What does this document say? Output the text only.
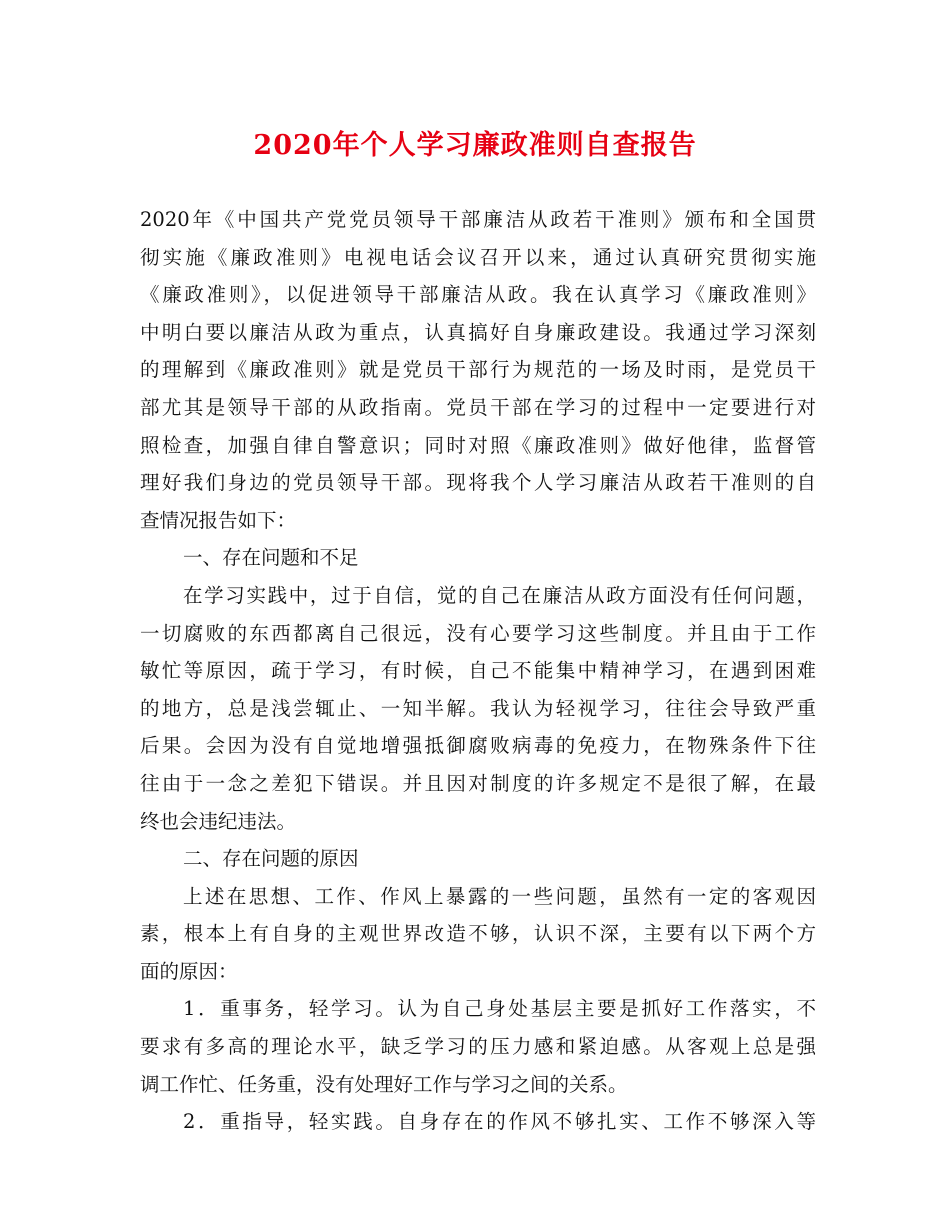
2020年个人学习廉政准则自查报告
2020年《中国共产党党员领导干部廉洁从政若干准则》颁布和全国贯
彻实施《廉政准则》电视电话会议召开以来，通过认真研究贯彻实施
《廉政准则》，以促进领导干部廉洁从政。我在认真学习《廉政准则》
中明白要以廉洁从政为重点，认真搞好自身廉政建设。我通过学习深刻
的理解到《廉政准则》就是党员干部行为规范的一场及时雨，是党员干
部尤其是领导干部的从政指南。党员干部在学习的过程中一定要进行对
照检查，加强自律自警意识；同时对照《廉政准则》做好他律，监督管
理好我们身边的党员领导干部。现将我个人学习廉洁从政若干准则的自
查情况报告如下：
一、存在问题和不足
在学习实践中，过于自信，觉的自己在廉洁从政方面没有任何问题，
一切腐败的东西都离自己很远，没有心要学习这些制度。并且由于工作
敏忙等原因，疏于学习，有时候，自己不能集中精神学习，在遇到困难
的地方，总是浅尝辄止、一知半解。我认为轻视学习，往往会导致严重
后果。会因为没有自觉地增强抵御腐败病毒的免疫力，在物殊条件下往
往由于一念之差犯下错误。并且因对制度的许多规定不是很了解，在最
终也会违纪违法。
二、存在问题的原因
上述在思想、工作、作风上暴露的一些问题，虽然有一定的客观因
素，根本上有自身的主观世界改造不够，认识不深，主要有以下两个方
面的原因：
1．重事务，轻学习。认为自己身处基层主要是抓好工作落实，不
要求有多高的理论水平，缺乏学习的压力感和紧迫感。从客观上总是强
调工作忙、任务重，没有处理好工作与学习之间的关系。
2．重指导，轻实践。自身存在的作风不够扎实、工作不够深入等
